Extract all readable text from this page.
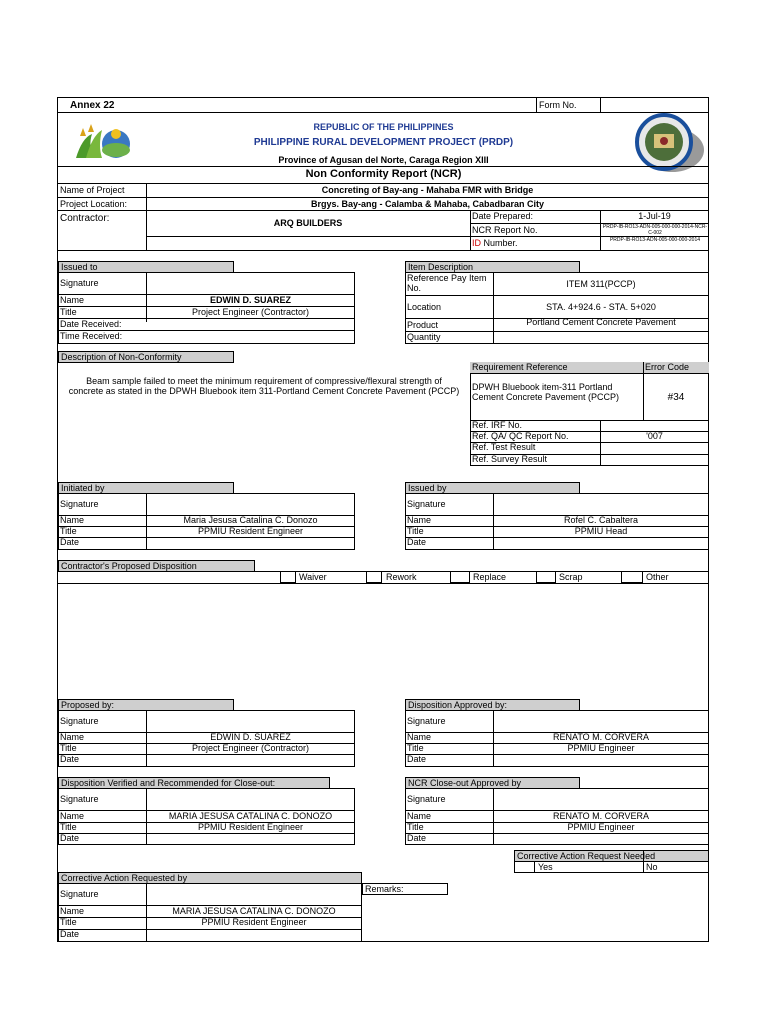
Annex 22	Form No.
REPUBLIC OF THE PHILIPPINES
PHILIPPINE RURAL DEVELOPMENT PROJECT (PRDP)
Province of Agusan del Norte, Caraga Region XIII
Non Conformity Report (NCR)
Name of Project	Concreting of Bay-ang - Mahaba FMR with Bridge
Project Location:	Brgys. Bay-ang - Calamba & Mahaba, Cabadbaran City
Contractor:	ARQ BUILDERS
Date Prepared:	1-Jul-19
NCR Report No.	PRDP-IB-RO13-ADN-005-000-000-2014-NCR-C-002
ID Number.	PRDP-IB-RO13-ADN-005-000-000-2014
Issued to
Signature
Name	EDWIN D. SUAREZ
Title	Project Engineer (Contractor)
Date Received:
Time Received:
Item Description
Reference Pay Item No.	ITEM 311(PCCP)
Location	STA. 4+924.6 - STA. 5+020
Product	Portland Cement Concrete Pavement
Quantity
Description of Non-Conformity
Beam sample failed to meet the minimum requirement of compressive/flexural strength of concrete as stated in the DPWH Bluebook item 311-Portland Cement Concrete Pavement (PCCP)
Requirement Reference	Error Code
DPWH Bluebook item-311 Portland Cement Concrete Pavement (PCCP)	#34
Ref. IRF No.
Ref. QA/ QC Report No.	'007
Ref. Test Result
Ref. Survey Result
Initiated by
Signature
Name	Maria Jesusa Catalina C. Donozo
Title	PPMIU Resident Engineer
Date
Issued by
Signature
Name	Rofel C. Cabaltera
Title	PPMIU Head
Date
Contractor's Proposed Disposition
Waiver	Rework	Replace	Scrap	Other
Proposed by:
Signature
Name	EDWIN D. SUAREZ
Title	Project Engineer (Contractor)
Date
Disposition Approved by:
Signature
Name	RENATO M. CORVERA
Title	PPMIU Engineer
Date
Disposition Verified and Recommended for Close-out:
Signature
Name	MARIA JESUSA CATALINA C. DONOZO
Title	PPMIU Resident Engineer
Date
NCR Close-out Approved by
Signature
Name	RENATO M. CORVERA
Title	PPMIU Engineer
Date
Corrective Action Request Needed
Yes	No
Corrective Action Requested by
Signature
Name	MARIA JESUSA CATALINA C. DONOZO
Title	PPMIU Resident Engineer
Date
Remarks:
